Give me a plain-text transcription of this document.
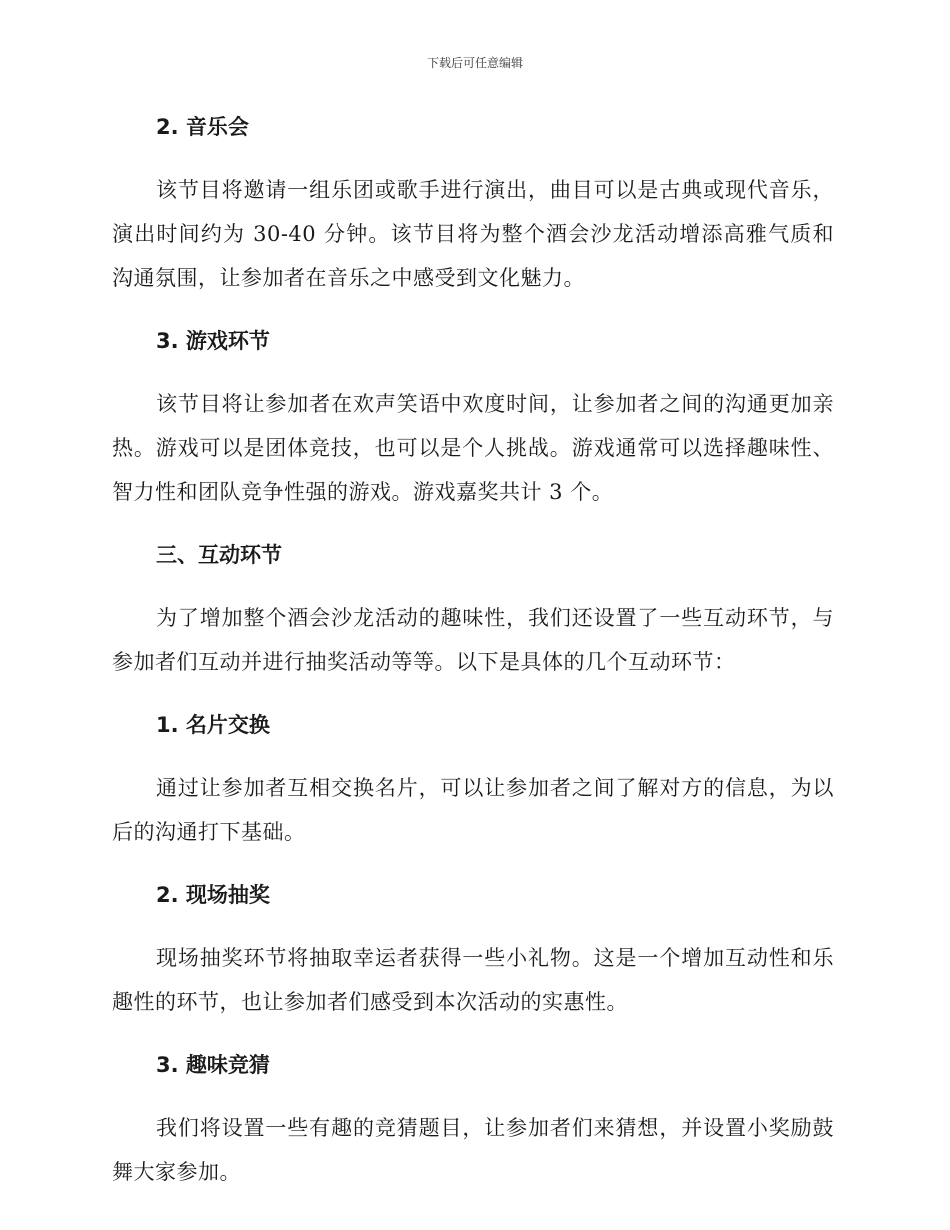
下载后可任意编辑
2. 音乐会

该节目将邀请一组乐团或歌手进行演出，曲目可以是古典或现代音乐，演出时间约为 30-40 分钟。该节目将为整个酒会沙龙活动增添高雅气质和沟通氛围，让参加者在音乐之中感受到文化魅力。

3. 游戏环节

该节目将让参加者在欢声笑语中欢度时间，让参加者之间的沟通更加亲热。游戏可以是团体竞技，也可以是个人挑战。游戏通常可以选择趣味性、智力性和团队竞争性强的游戏。游戏嘉奖共计 3 个。

三、互动环节

为了增加整个酒会沙龙活动的趣味性，我们还设置了一些互动环节，与参加者们互动并进行抽奖活动等等。以下是具体的几个互动环节：

1. 名片交换

通过让参加者互相交换名片，可以让参加者之间了解对方的信息，为以后的沟通打下基础。

2. 现场抽奖

现场抽奖环节将抽取幸运者获得一些小礼物。这是一个增加互动性和乐趣性的环节，也让参加者们感受到本次活动的实惠性。

3. 趣味竞猜

我们将设置一些有趣的竞猜题目，让参加者们来猜想，并设置小奖励鼓舞大家参加。
